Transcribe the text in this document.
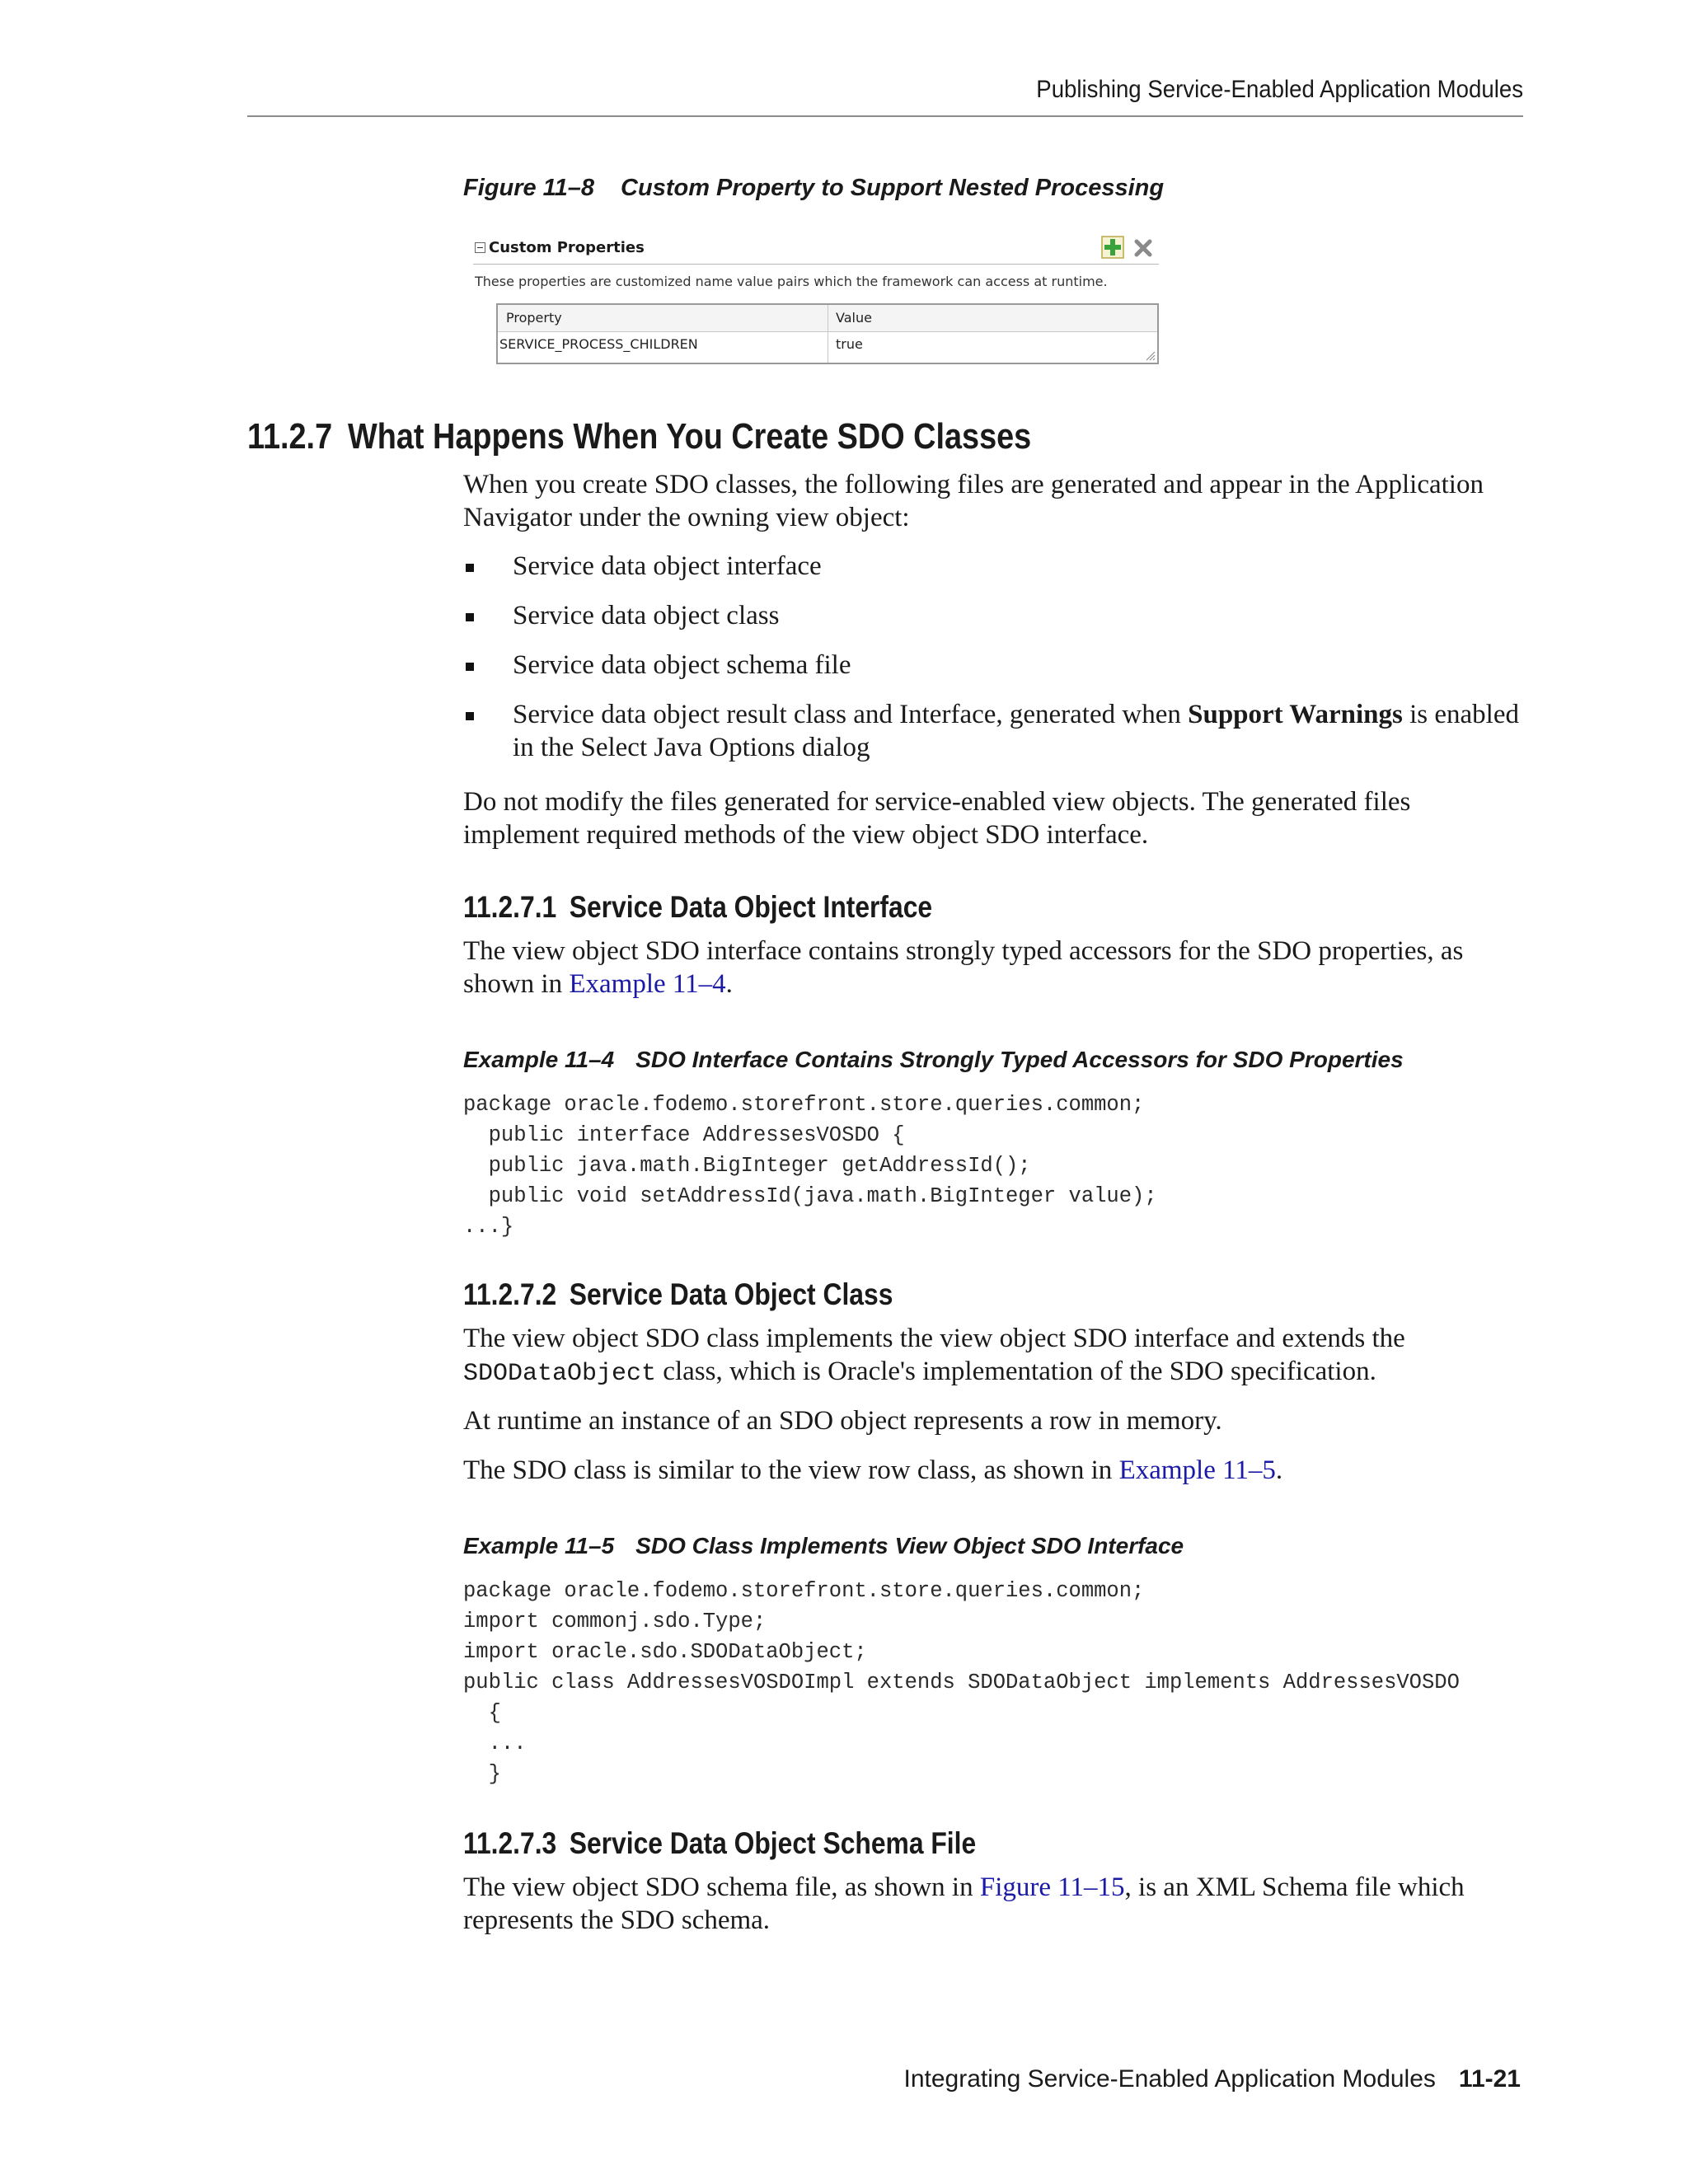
Publishing Service-Enabled Application Modules
Figure 11–8 Custom Property to Support Nested Processing
Custom Properties
These properties are customized name value pairs which the framework can access at runtime.
Property	Value
SERVICE_PROCESS_CHILDREN	true
11.2.7 What Happens When You Create SDO Classes

When you create SDO classes, the following files are generated and appear in the Application Navigator under the owning view object:

Service data object interface
Service data object class
Service data object schema file
Service data object result class and Interface, generated when Support Warnings is enabled in the Select Java Options dialog

Do not modify the files generated for service-enabled view objects. The generated files implement required methods of the view object SDO interface.

11.2.7.1 Service Data Object Interface

The view object SDO interface contains strongly typed accessors for the SDO properties, as shown in Example 11–4.

Example 11–4 SDO Interface Contains Strongly Typed Accessors for SDO Properties
package oracle.fodemo.storefront.store.queries.common;
public interface AddressesVOSDO {
public java.math.BigInteger getAddressId();
public void setAddressId(java.math.BigInteger value);
...}
11.2.7.2 Service Data Object Class

The view object SDO class implements the view object SDO interface and extends the SDODataObject class, which is Oracle's implementation of the SDO specification.

At runtime an instance of an SDO object represents a row in memory.

The SDO class is similar to the view row class, as shown in Example 11–5.

Example 11–5 SDO Class Implements View Object SDO Interface
package oracle.fodemo.storefront.store.queries.common;
import commonj.sdo.Type;
import oracle.sdo.SDODataObject;
public class AddressesVOSDOImpl extends SDODataObject implements AddressesVOSDO
{
...
}
11.2.7.3 Service Data Object Schema File

The view object SDO schema file, as shown in Figure 11–15, is an XML Schema file which represents the SDO schema.

Integrating Service-Enabled Application Modules 11-21
